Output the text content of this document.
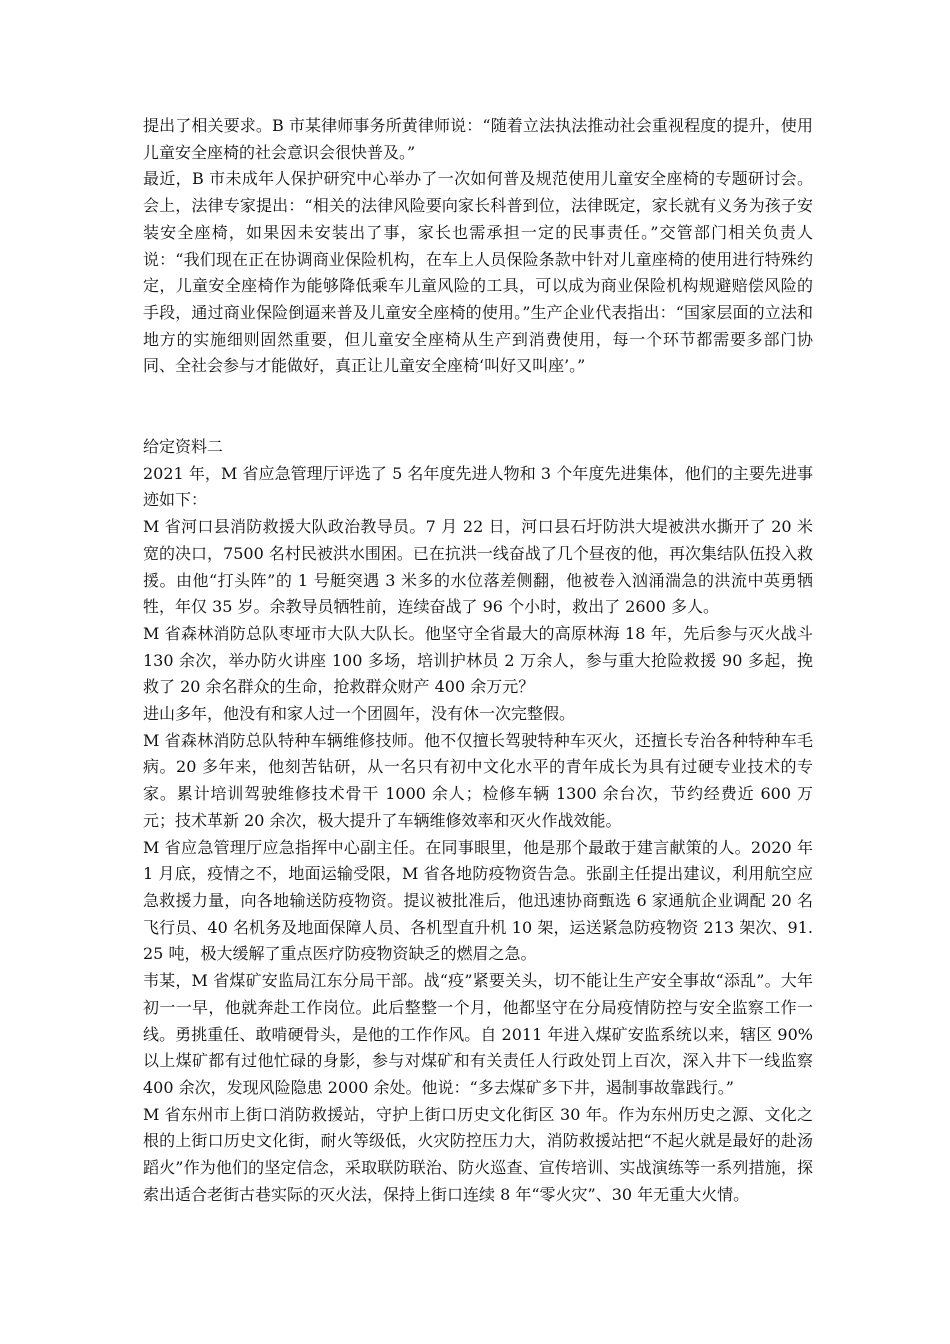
提出了相关要求。B 市某律师事务所黄律师说：“随着立法执法推动社会重视程度的提升，使用儿童安全座椅的社会意识会很快普及。”

最近，B 市未成年人保护研究中心举办了一次如何普及规范使用儿童安全座椅的专题研讨会。会上，法律专家提出：“相关的法律风险要向家长科普到位，法律既定，家长就有义务为孩子安装安全座椅，如果因未安装出了事，家长也需承担一定的民事责任。”交管部门相关负责人说：“我们现在正在协调商业保险机构，在车上人员保险条款中针对儿童座椅的使用进行特殊约定，儿童安全座椅作为能够降低乘车儿童风险的工具，可以成为商业保险机构规避赔偿风险的手段，通过商业保险倒逼来普及儿童安全座椅的使用。”生产企业代表指出：“国家层面的立法和地方的实施细则固然重要，但儿童安全座椅从生产到消费使用，每一个环节都需要多部门协同、全社会参与才能做好，真正让儿童安全座椅‘叫好又叫座’。”

给定资料二

2021 年，M 省应急管理厅评选了 5 名年度先进人物和 3 个年度先进集体，他们的主要先进事迹如下：

M 省河口县消防救援大队政治教导员。7 月 22 日，河口县石圩防洪大堤被洪水撕开了 20 米宽的决口，7500 名村民被洪水围困。已在抗洪一线奋战了几个昼夜的他，再次集结队伍投入救援。由他“打头阵”的 1 号艇突遇 3 米多的水位落差侧翻，他被卷入汹涌湍急的洪流中英勇牺牲，年仅 35 岁。余教导员牺牲前，连续奋战了 96 个小时，救出了 2600 多人。

M 省森林消防总队枣垭市大队大队长。他坚守全省最大的高原林海 18 年，先后参与灭火战斗 130 余次，举办防火讲座 100 多场，培训护林员 2 万余人，参与重大抢险救援 90 多起，挽救了 20 余名群众的生命，抢救群众财产 400 余万元？

进山多年，他没有和家人过一个团圆年，没有休一次完整假。

M 省森林消防总队特种车辆维修技师。他不仅擅长驾驶特种车灭火，还擅长专治各种特种车毛病。20 多年来，他刻苦钻研，从一名只有初中文化水平的青年成长为具有过硬专业技术的专家。累计培训驾驶维修技术骨干 1000 余人；检修车辆 1300 余台次，节约经费近 600 万元；技术革新 20 余次，极大提升了车辆维修效率和灭火作战效能。

M 省应急管理厅应急指挥中心副主任。在同事眼里，他是那个最敢于建言献策的人。2020 年 1 月底，疫情之不，地面运输受限，M 省各地防疫物资告急。张副主任提出建议，利用航空应急救援力量，向各地输送防疫物资。提议被批准后，他迅速协商甄选 6 家通航企业调配 20 名飞行员、40 名机务及地面保障人员、各机型直升机 10 架，运送紧急防疫物资 213 架次、91.25 吨，极大缓解了重点医疗防疫物资缺乏的燃眉之急。

韦某，M 省煤矿安监局江东分局干部。战“疫”紧要关头，切不能让生产安全事故“添乱”。大年初一一早，他就奔赴工作岗位。此后整整一个月，他都坚守在分局疫情防控与安全监察工作一线。勇挑重任、敢啃硬骨头，是他的工作作风。自 2011 年进入煤矿安监系统以来，辖区 90%以上煤矿都有过他忙碌的身影，参与对煤矿和有关责任人行政处罚上百次，深入井下一线监察 400 余次，发现风险隐患 2000 余处。他说：“多去煤矿多下井，遏制事故靠践行。”

M 省东州市上街口消防救援站，守护上街口历史文化街区 30 年。作为东州历史之源、文化之根的上街口历史文化街，耐火等级低，火灾防控压力大，消防救援站把“不起火就是最好的赴汤蹈火”作为他们的坚定信念，采取联防联治、防火巡查、宣传培训、实战演练等一系列措施，探索出适合老街古巷实际的灭火法，保持上街口连续 8 年“零火灾”、30 年无重大火情。
